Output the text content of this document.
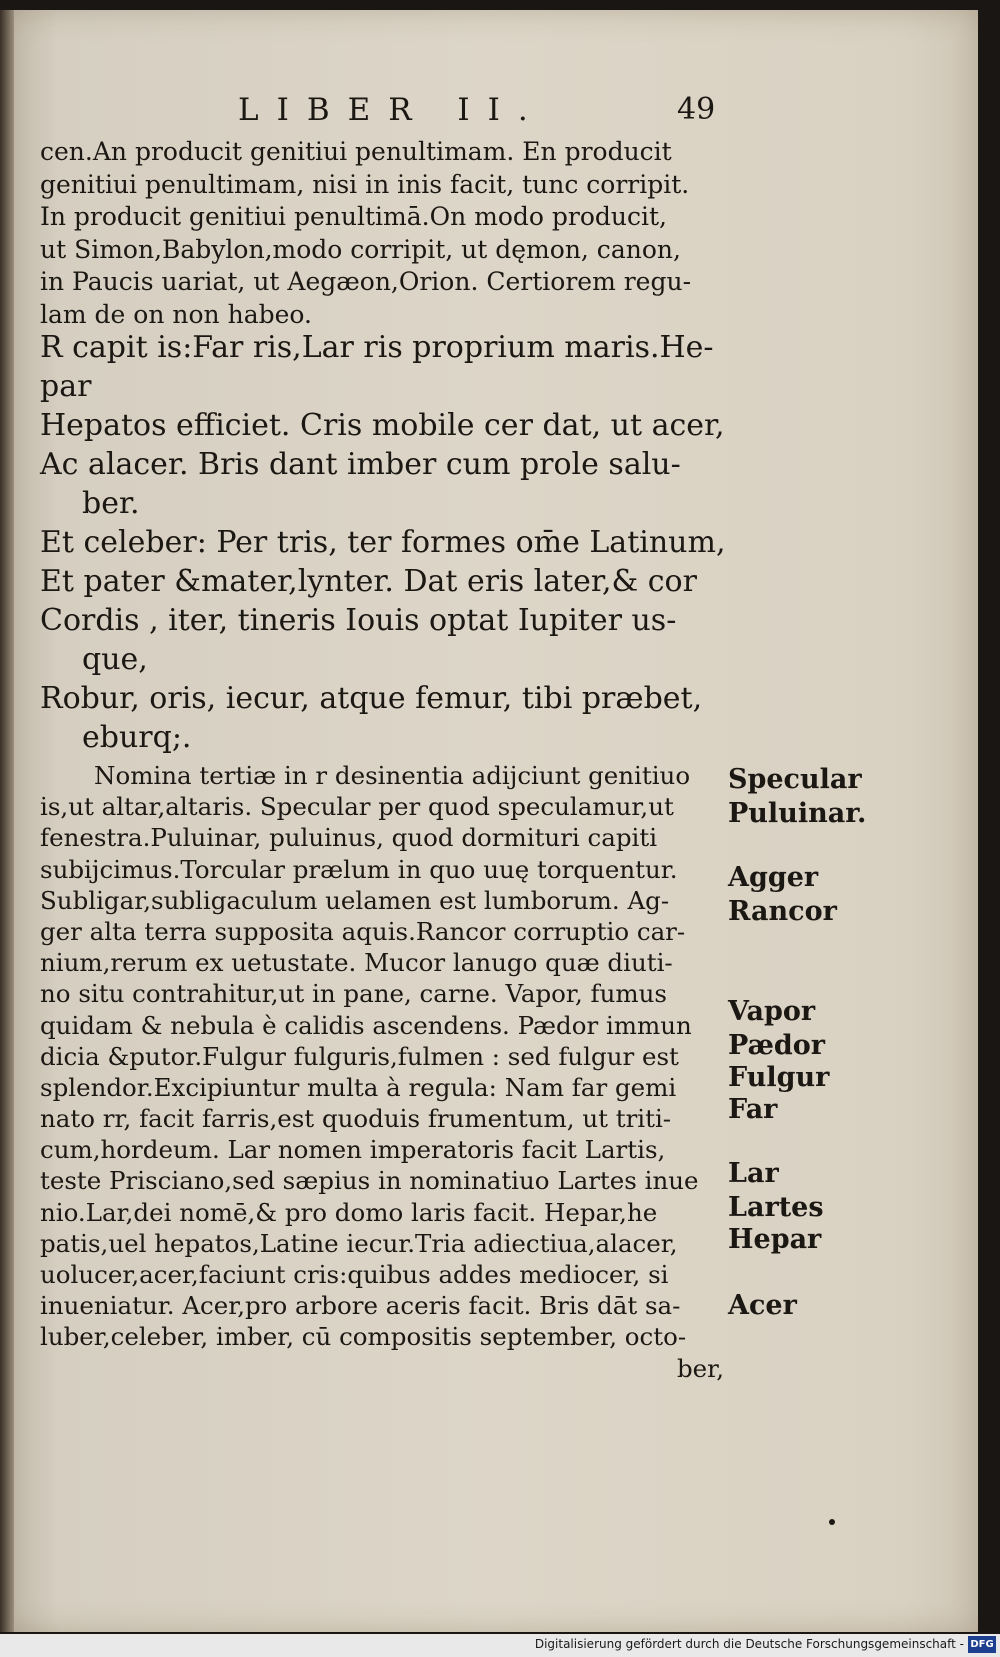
LIBER II.	49
cen.An producit genitiui penultimam. En producit
genitiui penultimam, nisi in inis facit, tunc corripit.
In producit genitiui penultimā.On modo producit,
ut Simon,Babylon,modo corripit, ut dęmon, canon,
in Paucis uariat, ut Aegæon,Orion. Certiorem regu-
lam de on non habeo.
R capit is:Far ris,Lar ris proprium maris.He-
par
Hepatos efficiet. Cris mobile cer dat, ut acer,
Ac alacer. Bris dant imber cum prole salu-
ber.
Et celeber: Per tris, ter formes om̄e Latinum,
Et pater &mater,lynter. Dat eris later,& cor
Cordis , iter, tineris Iouis optat Iupiter us-
que,
Robur, oris, iecur, atque femur, tibi præbet,
eburq;.
Nomina tertiæ in r desinentia adijciunt genitiuo
is,ut altar,altaris. Specular per quod speculamur,ut
fenestra.Puluinar, puluinus, quod dormituri capiti
subijcimus.Torcular prælum in quo uuę torquentur.
Subligar,subligaculum uelamen est lumborum. Ag-
ger alta terra supposita aquis.Rancor corruptio car-
nium,rerum ex uetustate. Mucor lanugo quæ diuti-
no situ contrahitur,ut in pane, carne. Vapor, fumus
quidam & nebula è calidis ascendens. Pædor immun
dicia &putor.Fulgur fulguris,fulmen : sed fulgur est
splendor.Excipiuntur multa à regula: Nam far gemi
nato rr, facit farris,est quoduis frumentum, ut triti-
cum,hordeum. Lar nomen imperatoris facit Lartis,
teste Prisciano,sed sæpius in nominatiuo Lartes inue
nio.Lar,dei nomē,& pro domo laris facit. Hepar,he
patis,uel hepatos,Latine iecur.Tria adiectiua,alacer,
uolucer,acer,faciunt cris:quibus addes mediocer, si
inueniatur. Acer,pro arbore aceris facit. Bris dāt sa-
luber,celeber, imber, cū compositis september, octo-
ber,
Specular
Puluinar.
Agger
Rancor
Vapor
Pædor
Fulgur
Far
Lar
Lartes
Hepar
Acer
Digitalisierung gefördert durch die Deutsche Forschungsgemeinschaft - DFG
